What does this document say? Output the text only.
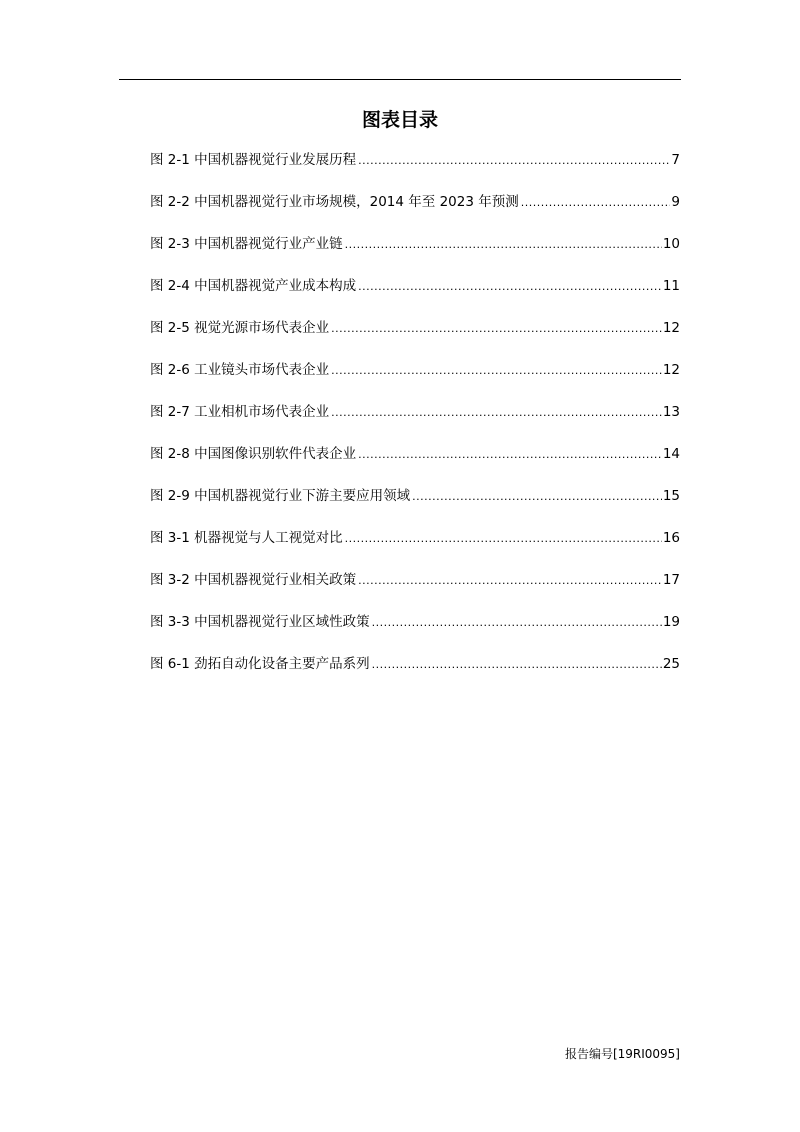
图表目录
图 2-1 中国机器视觉行业发展历程 .....	7
图 2-2 中国机器视觉行业市场规模，2014 年至 2023 年预测 .....	9
图 2-3 中国机器视觉行业产业链 .....	10
图 2-4 中国机器视觉产业成本构成 .....	11
图 2-5 视觉光源市场代表企业 .....	12
图 2-6 工业镜头市场代表企业 .....	12
图 2-7 工业相机市场代表企业 .....	13
图 2-8 中国图像识别软件代表企业 .....	14
图 2-9 中国机器视觉行业下游主要应用领域 .....	15
图 3-1 机器视觉与人工视觉对比 .....	16
图 3-2 中国机器视觉行业相关政策 .....	17
图 3-3 中国机器视觉行业区域性政策 .....	19
图 6-1 劲拓自动化设备主要产品系列 .....	25
报告编号[19RI0095]
